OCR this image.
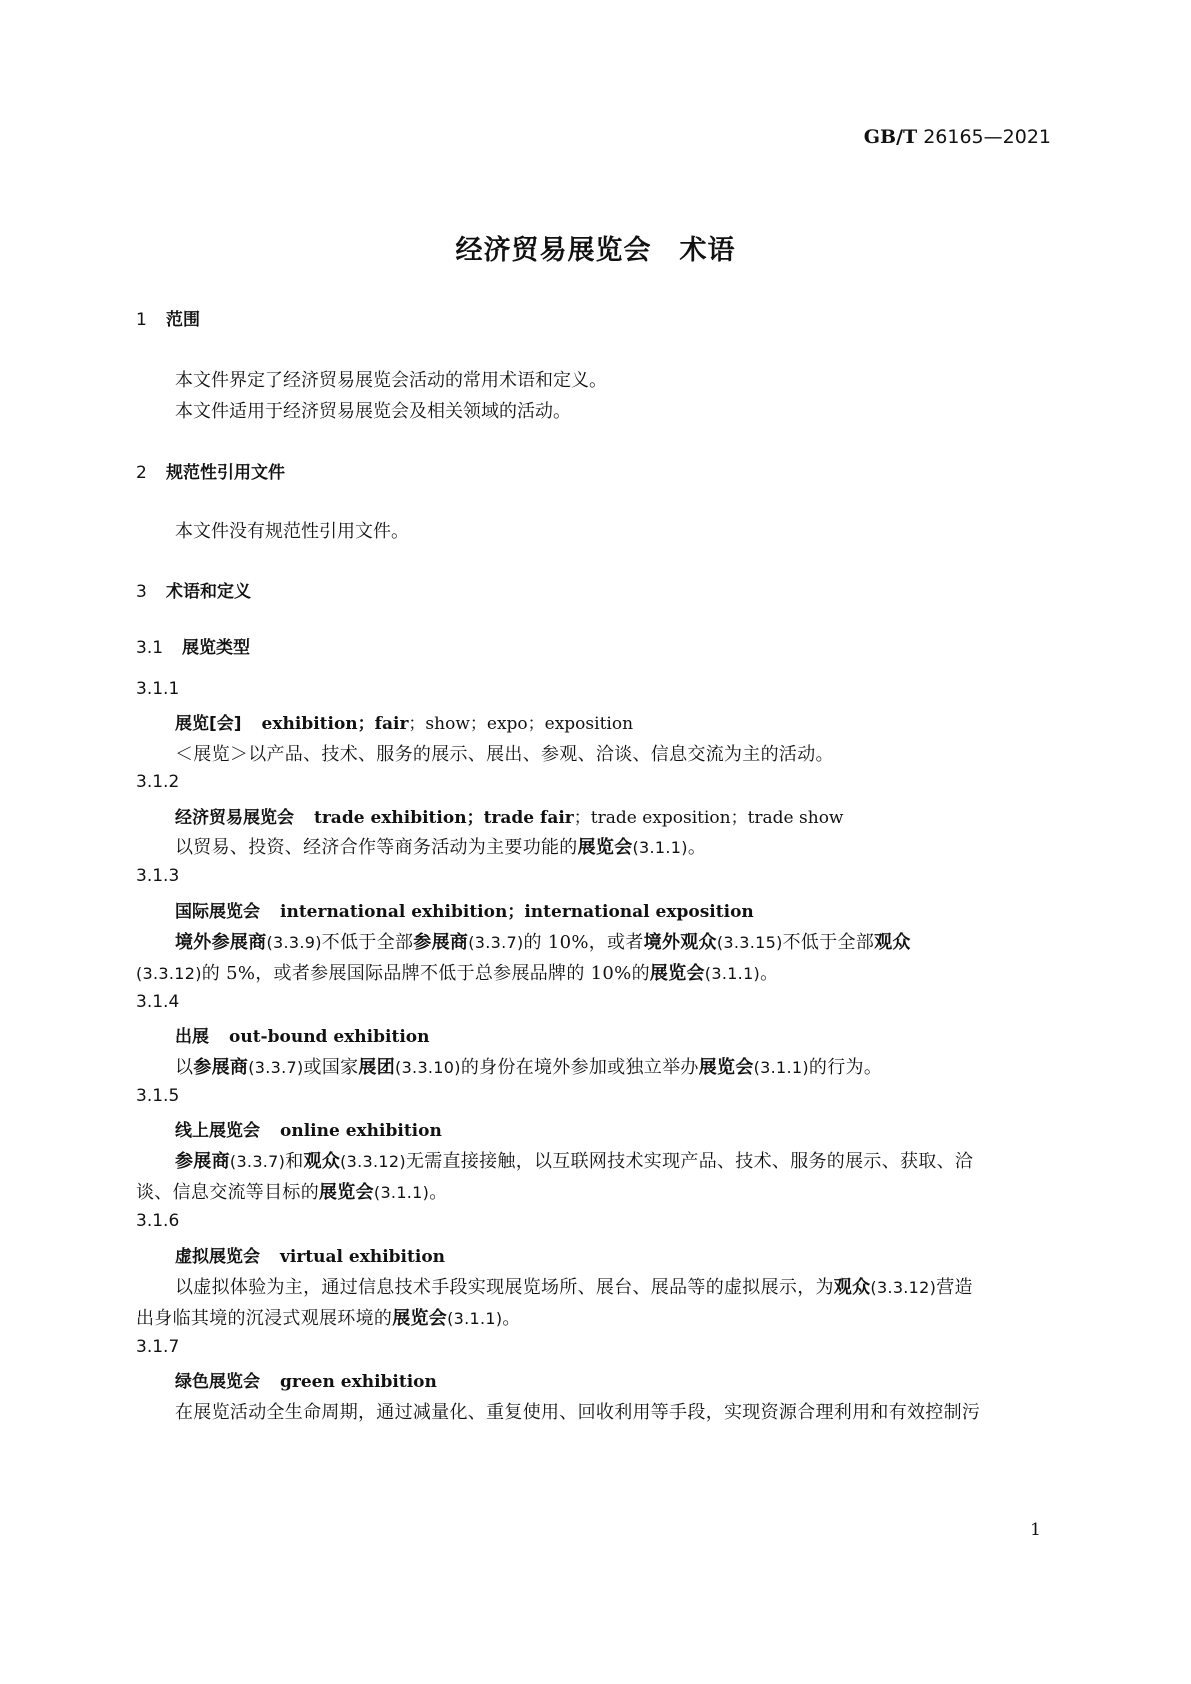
GB/T 26165—2021
经济贸易展览会　术语
1 范围
本文件界定了经济贸易展览会活动的常用术语和定义。
本文件适用于经济贸易展览会及相关领域的活动。
2 规范性引用文件
本文件没有规范性引用文件。
3 术语和定义
3.1 展览类型
3.1.1
展览[会] exhibition；fair；show；expo；exposition
＜展览＞以产品、技术、服务的展示、展出、参观、洽谈、信息交流为主的活动。
3.1.2
经济贸易展览会 trade exhibition；trade fair；trade exposition；trade show
以贸易、投资、经济合作等商务活动为主要功能的展览会(3.1.1)。
3.1.3
国际展览会 international exhibition；international exposition
境外参展商(3.3.9)不低于全部参展商(3.3.7)的 10%，或者境外观众(3.3.15)不低于全部观众
(3.3.12)的 5%，或者参展国际品牌不低于总参展品牌的 10%的展览会(3.1.1)。
3.1.4
出展 out-bound exhibition
以参展商(3.3.7)或国家展团(3.3.10)的身份在境外参加或独立举办展览会(3.1.1)的行为。
3.1.5
线上展览会 online exhibition
参展商(3.3.7)和观众(3.3.12)无需直接接触，以互联网技术实现产品、技术、服务的展示、获取、洽
谈、信息交流等目标的展览会(3.1.1)。
3.1.6
虚拟展览会 virtual exhibition
以虚拟体验为主，通过信息技术手段实现展览场所、展台、展品等的虚拟展示，为观众(3.3.12)营造
出身临其境的沉浸式观展环境的展览会(3.1.1)。
3.1.7
绿色展览会 green exhibition
在展览活动全生命周期，通过减量化、重复使用、回收利用等手段，实现资源合理利用和有效控制污
1
